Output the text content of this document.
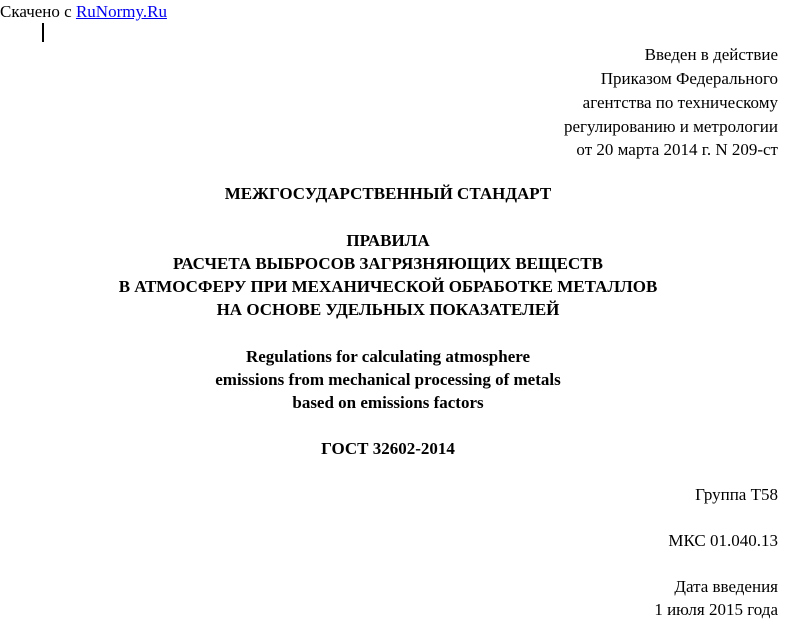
Скачено с RuNormy.Ru
Введен в действие
Приказом Федерального
агентства по техническому
регулированию и метрологии
от 20 марта 2014 г. N 209-ст
МЕЖГОСУДАРСТВЕННЫЙ СТАНДАРТ
ПРАВИЛА
РАСЧЕТА ВЫБРОСОВ ЗАГРЯЗНЯЮЩИХ ВЕЩЕСТВ
В АТМОСФЕРУ ПРИ МЕХАНИЧЕСКОЙ ОБРАБОТКЕ МЕТАЛЛОВ
НА ОСНОВЕ УДЕЛЬНЫХ ПОКАЗАТЕЛЕЙ
Regulations for calculating atmosphere
emissions from mechanical processing of metals
based on emissions factors
ГОСТ 32602-2014
Группа Т58
МКС 01.040.13
Дата введения
1 июля 2015 года
